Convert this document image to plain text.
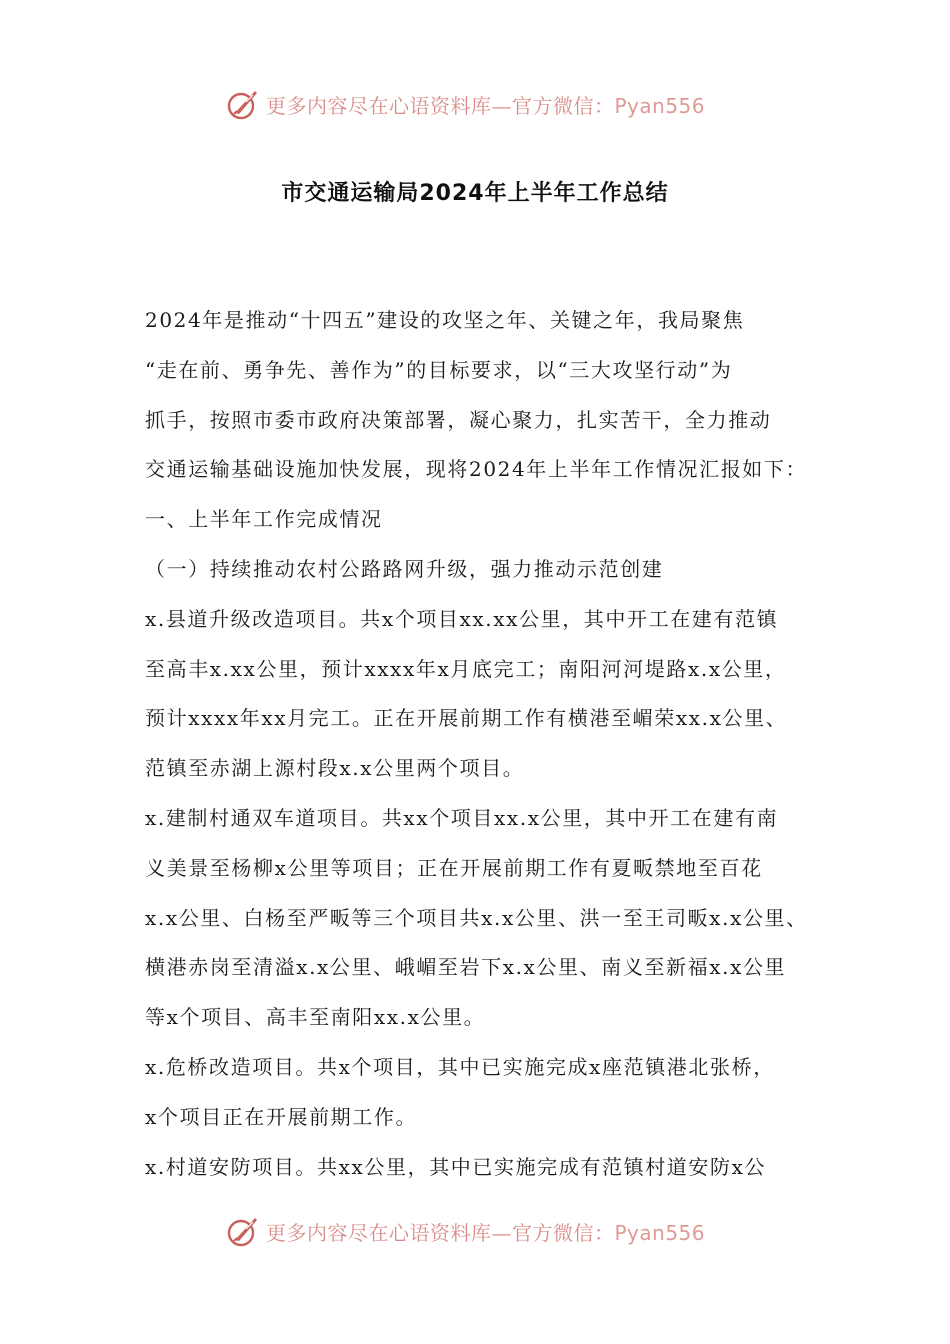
更多内容尽在心语资料库—官方微信：Pyan556
市交通运输局2024年上半年工作总结
2024年是推动“十四五”建设的攻坚之年、关键之年，我局聚焦
“走在前、勇争先、善作为”的目标要求，以“三大攻坚行动”为
抓手，按照市委市政府决策部署，凝心聚力，扎实苦干，全力推动
交通运输基础设施加快发展，现将2024年上半年工作情况汇报如下：
一、上半年工作完成情况
（一）持续推动农村公路路网升级，强力推动示范创建
x.县道升级改造项目。共x个项目xx.xx公里，其中开工在建有范镇
至高丰x.xx公里，预计xxxx年x月底完工；南阳河河堤路x.x公里，
预计xxxx年xx月完工。正在开展前期工作有横港至嵋荣xx.x公里、
范镇至赤湖上源村段x.x公里两个项目。
x.建制村通双车道项目。共xx个项目xx.x公里，其中开工在建有南
义美景至杨柳x公里等项目；正在开展前期工作有夏畈禁地至百花
x.x公里、白杨至严畈等三个项目共x.x公里、洪一至王司畈x.x公里、
横港赤岗至清溢x.x公里、峨嵋至岩下x.x公里、南义至新福x.x公里
等x个项目、高丰至南阳xx.x公里。
x.危桥改造项目。共x个项目，其中已实施完成x座范镇港北张桥，
x个项目正在开展前期工作。
x.村道安防项目。共xx公里，其中已实施完成有范镇村道安防x公
更多内容尽在心语资料库—官方微信：Pyan556
